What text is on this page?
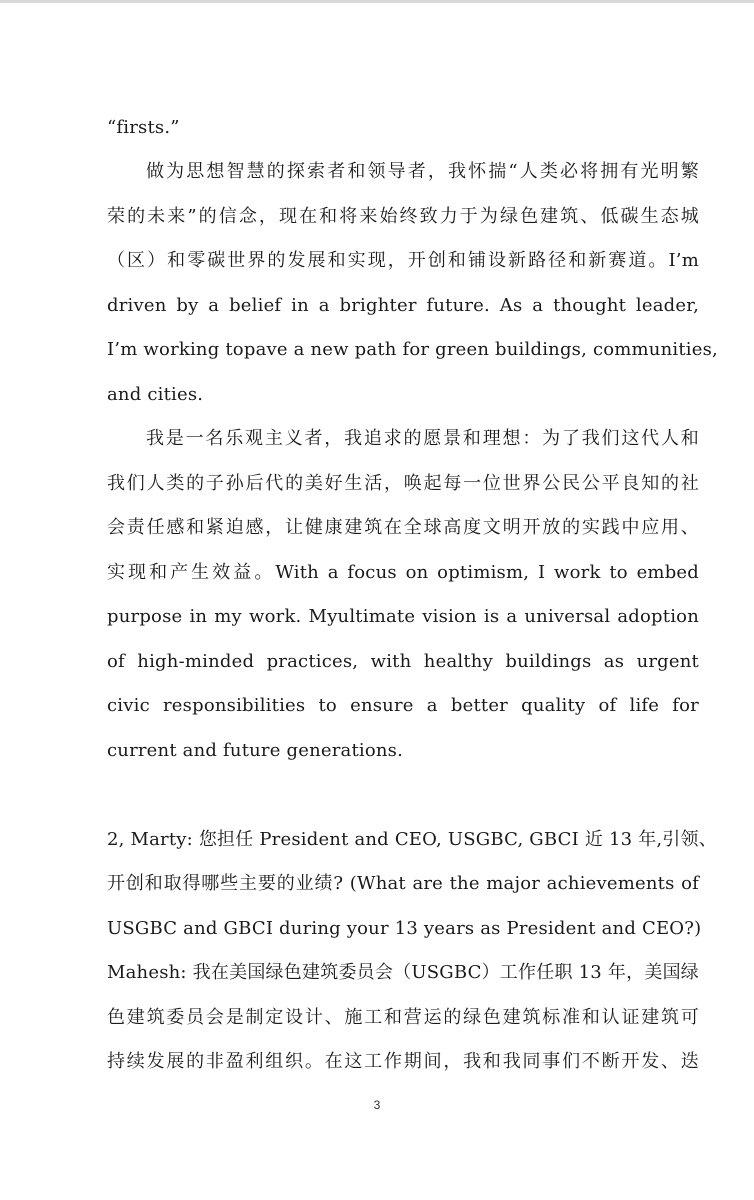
“firsts.”
做为思想智慧的探索者和领导者，我怀揣“人类必将拥有光明繁
荣的未来”的信念，现在和将来始终致力于为绿色建筑、低碳生态城
（区）和零碳世界的发展和实现，开创和铺设新路径和新赛道。I’m
driven by a belief in a brighter future. As a thought leader,
I’m working topave a new path for green buildings, communities,
and cities.
我是一名乐观主义者，我追求的愿景和理想：为了我们这代人和
我们人类的子孙后代的美好生活，唤起每一位世界公民公平良知的社
会责任感和紧迫感，让健康建筑在全球高度文明开放的实践中应用、
实现和产生效益。With a focus on optimism, I work to embed
purpose in my work. Myultimate vision is a universal adoption
of high-minded practices, with healthy buildings as urgent
civic responsibilities to ensure a better quality of life for
current and future generations.
2, Marty: 您担任 President and CEO, USGBC, GBCI 近 13 年,引领、
开创和取得哪些主要的业绩? (What are the major achievements of
USGBC and GBCI during your 13 years as President and CEO?)
Mahesh: 我在美国绿色建筑委员会（USGBC）工作任职 13 年，美国绿
色建筑委员会是制定设计、施工和营运的绿色建筑标准和认证建筑可
持续发展的非盈利组织。在这工作期间，我和我同事们不断开发、迭
3
